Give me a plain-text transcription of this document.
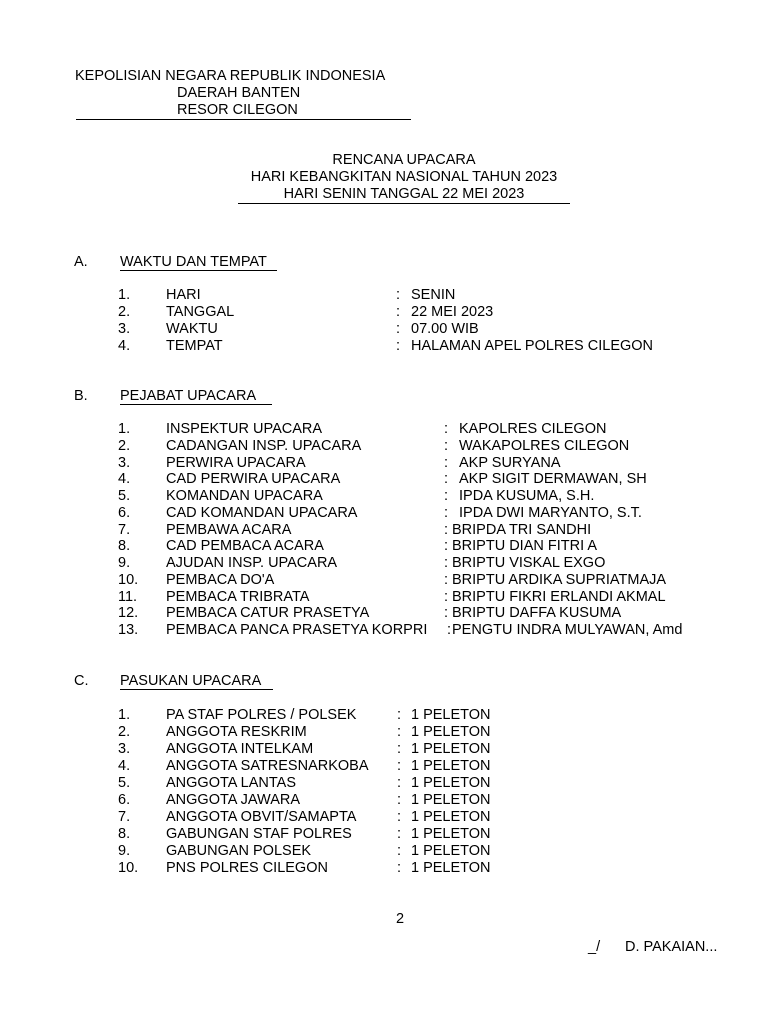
KEPOLISIAN NEGARA REPUBLIK INDONESIA
DAERAH BANTEN
RESOR CILEGON
RENCANA UPACARA
HARI KEBANGKITAN NASIONAL TAHUN 2023
HARI SENIN TANGGAL 22 MEI 2023
A. WAKTU DAN TEMPAT
1. HARI	: SENIN
2. TANGGAL	: 22 MEI 2023
3. WAKTU	: 07.00 WIB
4. TEMPAT	: HALAMAN APEL POLRES CILEGON
B. PEJABAT UPACARA
1. INSPEKTUR UPACARA	: KAPOLRES CILEGON
2. CADANGAN INSP. UPACARA	: WAKAPOLRES CILEGON
3. PERWIRA UPACARA	: AKP SURYANA
4. CAD PERWIRA UPACARA	: AKP SIGIT DERMAWAN, SH
5. KOMANDAN UPACARA	: IPDA KUSUMA, S.H.
6. CAD KOMANDAN UPACARA	: IPDA DWI MARYANTO, S.T.
7. PEMBAWA ACARA	: BRIPDA TRI SANDHI
8. CAD PEMBACA ACARA	: BRIPTU DIAN FITRI A
9. AJUDAN INSP. UPACARA	: BRIPTU VISKAL EXGO
10. PEMBACA DO'A	: BRIPTU ARDIKA SUPRIATMAJA
11. PEMBACA TRIBRATA	: BRIPTU FIKRI ERLANDI AKMAL
12. PEMBACA CATUR PRASETYA	: BRIPTU DAFFA KUSUMA
13. PEMBACA PANCA PRASETYA KORPRI : PENGTU INDRA MULYAWAN, Amd
C. PASUKAN UPACARA
1. PA STAF POLRES / POLSEK	: 1 PELETON
2. ANGGOTA RESKRIM	: 1 PELETON
3. ANGGOTA INTELKAM	: 1 PELETON
4. ANGGOTA SATRESNARKOBA : 1 PELETON
5. ANGGOTA LANTAS	: 1 PELETON
6. ANGGOTA JAWARA	: 1 PELETON
7. ANGGOTA OBVIT/SAMAPTA	: 1 PELETON
8. GABUNGAN STAF POLRES	: 1 PELETON
9. GABUNGAN POLSEK	: 1 PELETON
10. PNS POLRES CILEGON	: 1 PELETON
2
_/ D. PAKAIAN...
